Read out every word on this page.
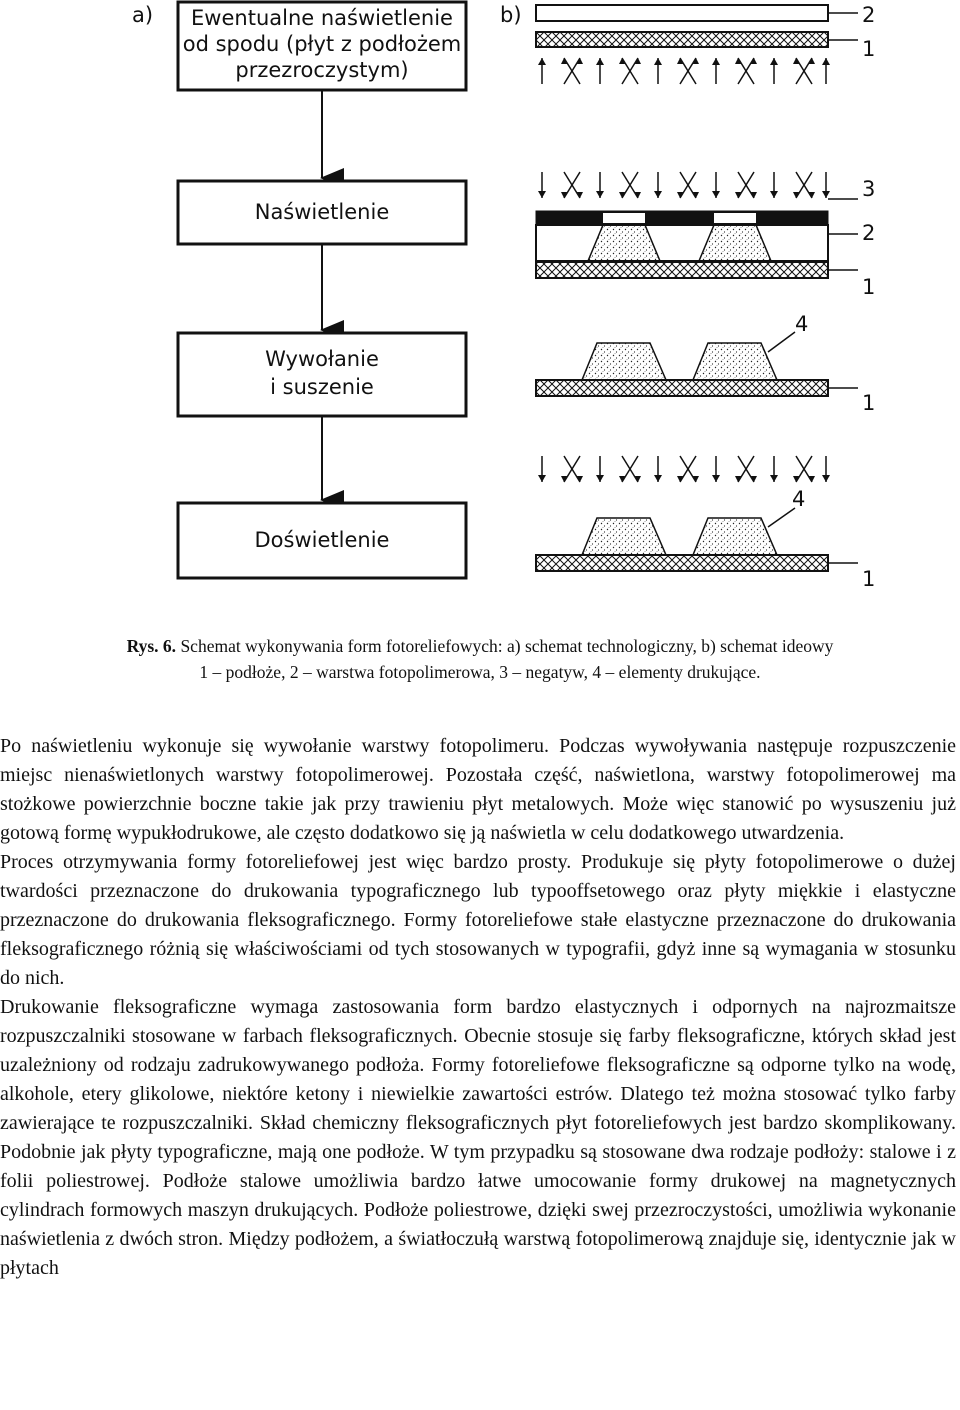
a)	b)
Ewentualne naświetlenie
od spodu (płyt z podłożem
przezroczystym)
Naświetlenie
Wywołanie
i suszenie
Doświetlenie
2
1
3
2
1
4
1
4
1
Rys. 6. Schemat wykonywania form fotoreliefowych: a) schemat technologiczny, b) schemat ideowy
1 – podłoże, 2 – warstwa fotopolimerowa, 3 – negatyw, 4 – elementy drukujące.

Po naświetleniu wykonuje się wywołanie warstwy fotopolimeru. Podczas wywoływania następuje rozpuszczenie miejsc nienaświetlonych warstwy fotopolimerowej. Pozostała część, naświetlona, warstwy fotopolimerowej ma stożkowe powierzchnie boczne takie jak przy trawieniu płyt metalowych. Może więc stanowić po wysuszeniu już gotową formę wypukłodrukowe, ale często dodatkowo się ją naświetla w celu dodatkowego utwardzenia.

Proces otrzymywania formy fotoreliefowej jest więc bardzo prosty. Produkuje się płyty fotopolimerowe o dużej twardości przeznaczone do drukowania typograficznego lub typooffsetowego oraz płyty miękkie i elastyczne przeznaczone do drukowania fleksograficznego. Formy fotoreliefowe stałe elastyczne przeznaczone do drukowania fleksograficznego różnią się właściwościami od tych stosowanych w typografii, gdyż inne są wymagania w stosunku do nich.

Drukowanie fleksograficzne wymaga zastosowania form bardzo elastycznych i odpornych na najrozmaitsze rozpuszczalniki stosowane w farbach fleksograficznych. Obecnie stosuje się farby fleksograficzne, których skład jest uzależniony od rodzaju zadrukowywanego podłoża. Formy fotoreliefowe fleksograficzne są odporne tylko na wodę, alkohole, etery glikolowe, niektóre ketony i niewielkie zawartości estrów. Dlatego też można stosować tylko farby zawierające te rozpuszczalniki. Skład chemiczny fleksograficznych płyt fotoreliefowych jest bardzo skomplikowany. Podobnie jak płyty typograficzne, mają one podłoże. W tym przypadku są stosowane dwa rodzaje podłoży: stalowe i z folii poliestrowej. Podłoże stalowe umożliwia bardzo łatwe umocowanie formy drukowej na magnetycznych cylindrach formowych maszyn drukujących. Podłoże poliestrowe, dzięki swej przezroczystości, umożliwia wykonanie naświetlenia z dwóch stron. Między podłożem, a światłoczułą warstwą fotopolimerową znajduje się, identycznie jak w płytach
